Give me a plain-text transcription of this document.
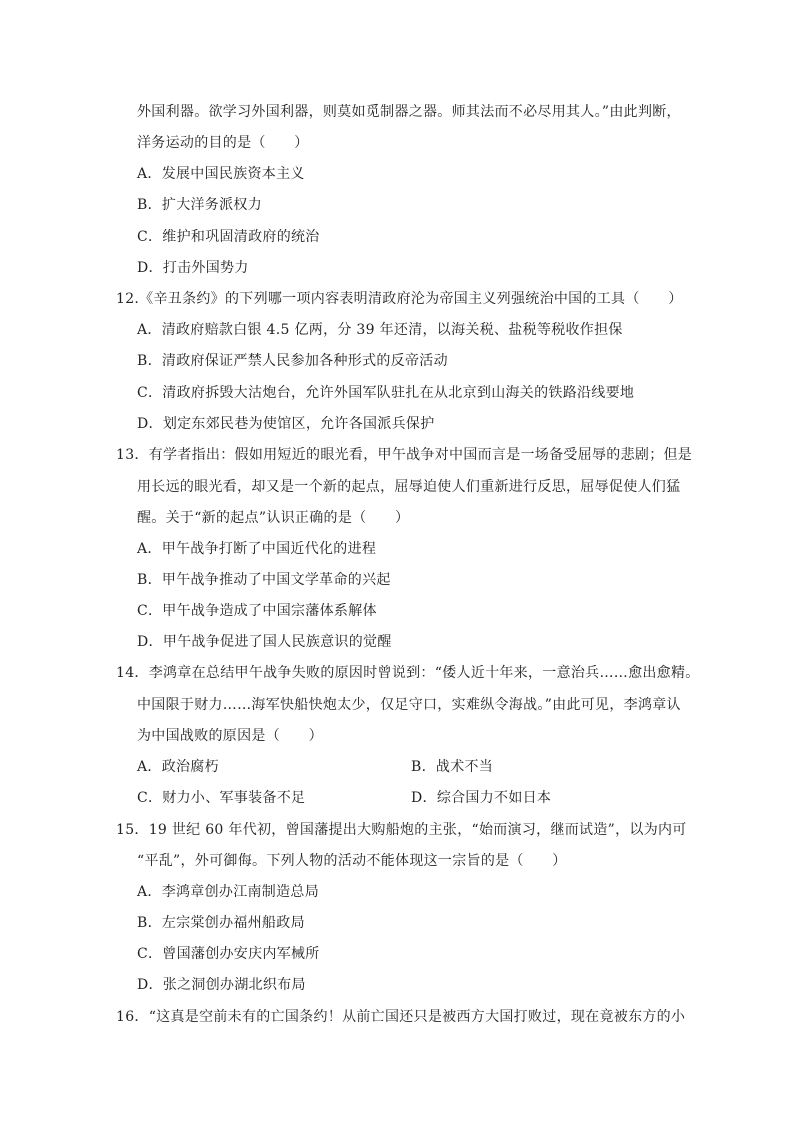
外国利器。欲学习外国利器，则莫如觅制器之器。师其法而不必尽用其人。”由此判断，
洋务运动的目的是（　　）
A．发展中国民族资本主义
B．扩大洋务派权力
C．维护和巩固清政府的统治
D．打击外国势力
12.《辛丑条约》的下列哪一项内容表明清政府沦为帝国主义列强统治中国的工具（　　）
A．清政府赔款白银 4.5 亿两，分 39 年还清，以海关税、盐税等税收作担保
B．清政府保证严禁人民参加各种形式的反帝活动
C．清政府拆毁大沽炮台，允许外国军队驻扎在从北京到山海关的铁路沿线要地
D．划定东郊民巷为使馆区，允许各国派兵保护
13．有学者指出：假如用短近的眼光看，甲午战争对中国而言是一场备受屈辱的悲剧；但是
用长远的眼光看，却又是一个新的起点，屈辱迫使人们重新进行反思，屈辱促使人们猛
醒。关于“新的起点”认识正确的是（　　）
A．甲午战争打断了中国近代化的进程
B．甲午战争推动了中国文学革命的兴起
C．甲午战争造成了中国宗藩体系解体
D．甲午战争促进了国人民族意识的觉醒
14．李鸿章在总结甲午战争失败的原因时曾说到：“倭人近十年来，一意治兵……愈出愈精。
中国限于财力……海军快船快炮太少，仅足守口，实难纵令海战。”由此可见，李鸿章认
为中国战败的原因是（　　）
A．政治腐朽	B．战术不当
C．财力小、军事装备不足	D．综合国力不如日本
15．19 世纪 60 年代初，曾国藩提出大购船炮的主张，“始而演习，继而试造”，以为内可
“平乱”，外可御侮。下列人物的活动不能体现这一宗旨的是（　　）
A．李鸿章创办江南制造总局
B．左宗棠创办福州船政局
C．曾国藩创办安庆内军械所
D．张之洞创办湖北织布局
16．“这真是空前未有的亡国条约！从前亡国还只是被西方大国打败过，现在竟被东方的小
